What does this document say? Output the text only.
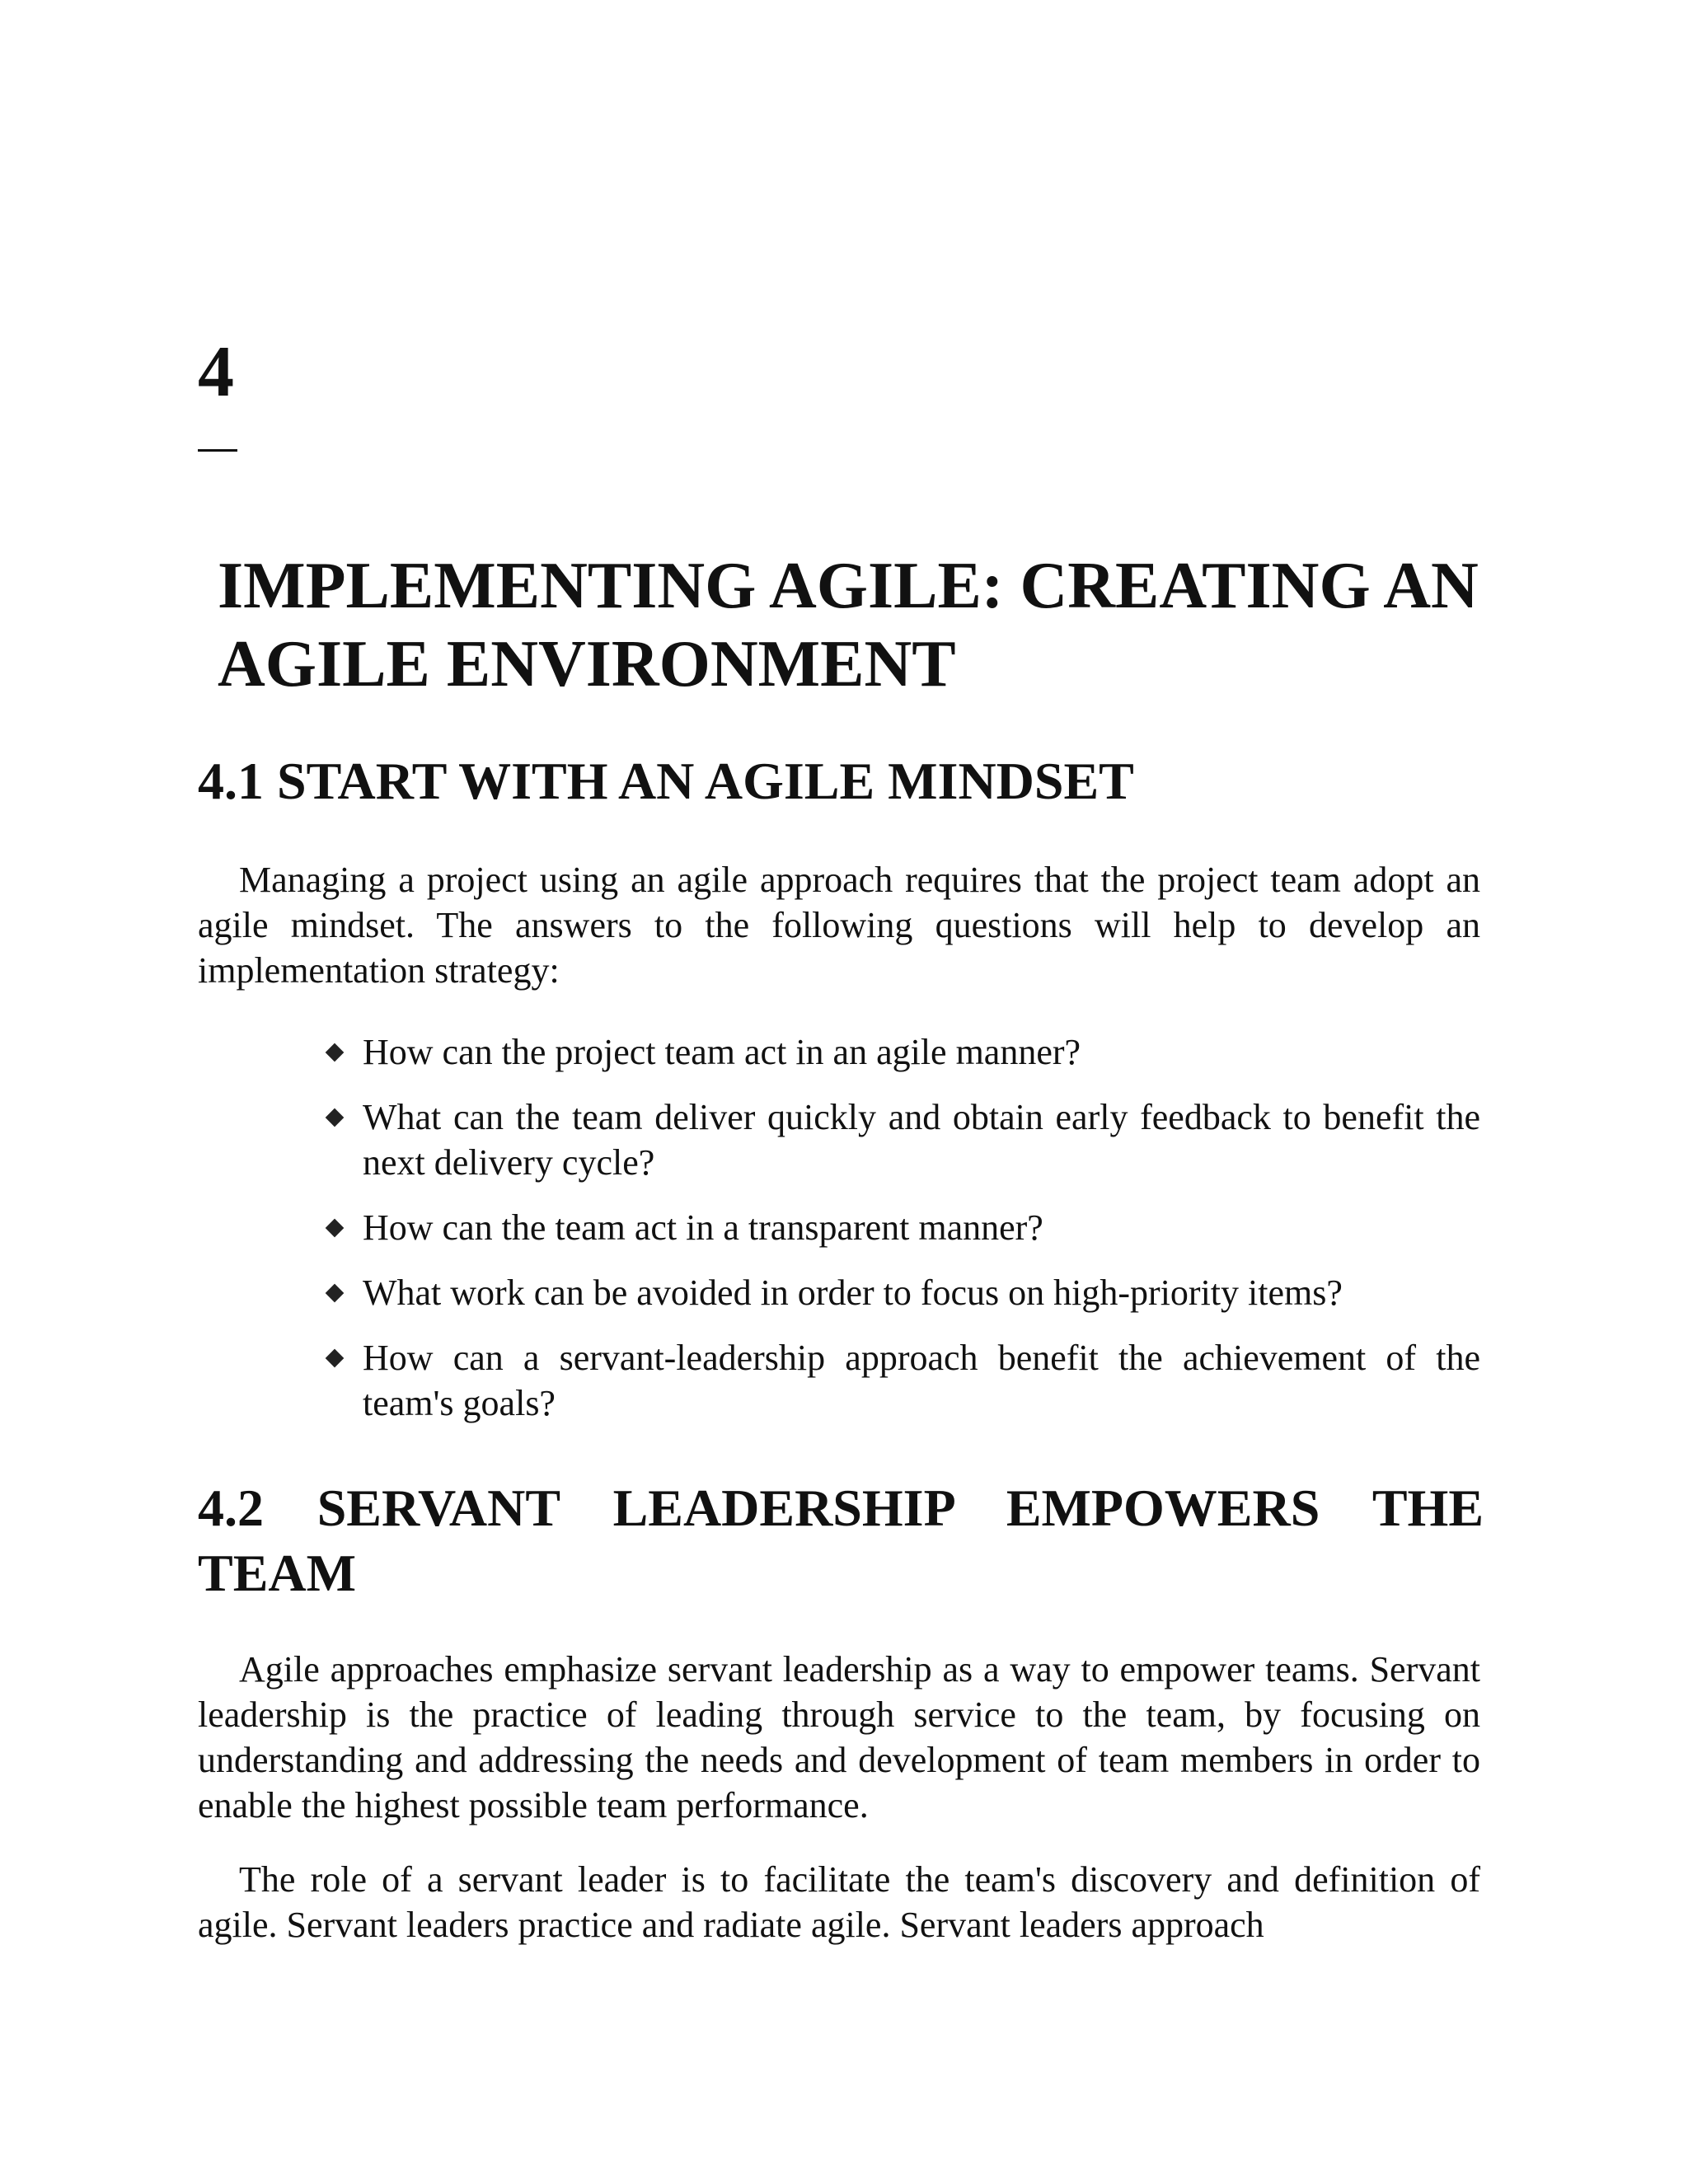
4
IMPLEMENTING AGILE: CREATING AN AGILE ENVIRONMENT
4.1 START WITH AN AGILE MINDSET

Managing a project using an agile approach requires that the project team adopt an agile mindset. The answers to the following questions will help to develop an implementation strategy:

How can the project team act in an agile manner?
What can the team deliver quickly and obtain early feedback to benefit the next delivery cycle?
How can the team act in a transparent manner?
What work can be avoided in order to focus on high-priority items?
How can a servant-leadership approach benefit the achievement of the team's goals?
4.2 SERVANT LEADERSHIP EMPOWERS THE
TEAM

Agile approaches emphasize servant leadership as a way to empower teams. Servant leadership is the practice of leading through service to the team, by focusing on understanding and addressing the needs and development of team members in order to enable the highest possible team performance.

The role of a servant leader is to facilitate the team's discovery and definition of agile. Servant leaders practice and radiate agile. Servant leaders approach
